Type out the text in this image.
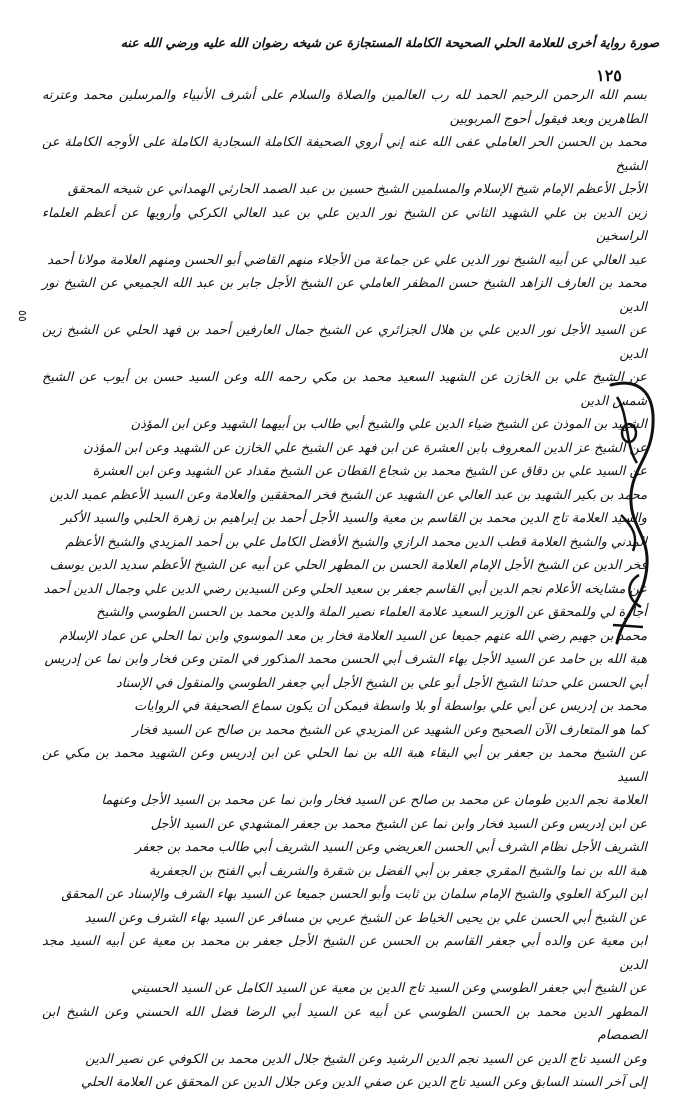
صورة رواية أخرى للعلامة الحلي الصحيحة الكاملة المستجازة عن شيخه رضوان الله عليه ورضي الله عنه
١٢٥
٥٥
بسم الله الرحمن الرحيم الحمد لله رب العالمين والصلاة والسلام على أشرف الأنبياء والمرسلين محمد وعترته الطاهرين وبعد فيقول أحوج المربوبين
محمد بن الحسن الحر العاملي عفى الله عنه إني أروي الصحيفة الكاملة السجادية الكاملة على الأوجه الكاملة عن الشيخ
الأجل الأعظم الإمام شيخ الإسلام والمسلمين الشيخ حسين بن عبد الصمد الحارثي الهمداني عن شيخه المحقق
زين الدين بن علي الشهيد الثاني عن الشيخ نور الدين علي بن عبد العالي الكركي وأرويها عن أعظم العلماء الراسخين
عبد العالي عن أبيه الشيخ نور الدين علي عن جماعة من الأجلاء منهم القاضي أبو الحسن ومنهم العلامة مولانا أحمد
محمد بن العارف الزاهد الشيخ حسن المظفر العاملي عن الشيخ الأجل جابر بن عبد الله الجميعي عن الشيخ نور الدين
عن السيد الأجل نور الدين علي بن هلال الجزائري عن الشيخ جمال العارفين أحمد بن فهد الحلي عن الشيخ زين الدين
عن الشيخ علي بن الخازن عن الشهيد السعيد محمد بن مكي رحمه الله وعن السيد حسن بن أيوب عن الشيخ شمس الدين
الشهيد بن الموذن عن الشيخ ضياء الدين علي والشيخ أبي طالب بن أبيهما الشهيد وعن ابن المؤذن
عن الشيخ عز الدين المعروف بابن العشرة عن ابن فهد عن الشيخ علي الخازن عن الشهيد وعن ابن المؤذن
عن السيد علي بن دقاق عن الشيخ محمد بن شجاع القطان عن الشيخ مقداد عن الشهيد وعن ابن العشرة
محمد بن بكير الشهيد بن عبد العالي عن الشهيد عن الشيخ فخر المحققين والعلامة وعن السيد الأعظم عميد الدين
والسيد العلامة تاج الدين محمد بن القاسم بن معية والسيد الأجل أحمد بن إبراهيم بن زهرة الحلبي والسيد الأكبر
المدني والشيخ العلامة قطب الدين محمد الرازي والشيخ الأفضل الكامل علي بن أحمد المزيدي والشيخ الأعظم
فخر الدين عن الشيخ الأجل الإمام العلامة الحسن بن المطهر الحلي عن أبيه عن الشيخ الأعظم سديد الدين يوسف
عن مشايخه الأعلام نجم الدين أبي القاسم جعفر بن سعيد الحلي وعن السيدين رضي الدين علي وجمال الدين أحمد
أجازة لي وللمحقق عن الوزير السعيد علامة العلماء نصير الملة والدين محمد بن الحسن الطوسي والشيخ
محمد بن جهيم رضي الله عنهم جميعا عن السيد العلامة فخار بن معد الموسوي وابن نما الحلي عن عماد الإسلام
هبة الله بن حامد عن السيد الأجل بهاء الشرف أبي الحسن محمد المذكور في المتن وعن فخار وابن نما عن إدريس
أبي الحسن علي حدثنا الشيخ الأجل أبو علي بن الشيخ الأجل أبي جعفر الطوسي والمنقول في الإسناد
محمد بن إدريس عن أبي علي بواسطة أو بلا واسطة فيمكن أن يكون سماع الصحيفة في الروايات
كما هو المتعارف الآن الصحيح وعن الشهيد عن المزيدي عن الشيخ محمد بن صالح عن السيد فخار
عن الشيخ محمد بن جعفر بن أبي البقاء هبة الله بن نما الحلي عن ابن إدريس وعن الشهيد محمد بن مكي عن السيد
العلامة نجم الدين طومان عن محمد بن صالح عن السيد فخار وابن نما عن محمد بن السيد الأجل وعنهما
عن ابن إدريس وعن السيد فخار وابن نما عن الشيخ محمد بن جعفر المشهدي عن السيد الأجل
الشريف الأجل نظام الشرف أبي الحسن العريضي وعن السيد الشريف أبي طالب محمد بن جعفر
هبة الله بن نما والشيخ المقري جعفر بن أبي الفضل بن شقرة والشريف أبي الفتح بن الجعفرية
ابن البركة العلوي والشيخ الإمام سلمان بن ثابت وأبو الحسن جميعا عن السيد بهاء الشرف والإسناد عن المحقق
عن الشيخ أبي الحسن علي بن يحيى الخياط عن الشيخ عربي بن مسافر عن السيد بهاء الشرف وعن السيد
ابن معية عن والده أبي جعفر القاسم بن الحسن عن الشيخ الأجل جعفر بن محمد بن معية عن أبيه السيد مجد الدين
عن الشيخ أبي جعفر الطوسي وعن السيد تاج الدين بن معية عن السيد الكامل عن السيد الحسيني
المطهر الدين محمد بن الحسن الطوسي عن أبيه عن السيد أبي الرضا فضل الله الحسني وعن الشيخ ابن الصمصام
وعن السيد تاج الدين عن السيد نجم الدين الرشيد وعن الشيخ جلال الدين محمد بن الكوفي عن نصير الدين
إلى آخر السند السابق وعن السيد تاج الدين عن صفي الدين وعن جلال الدين عن المحقق عن العلامة الحلي
